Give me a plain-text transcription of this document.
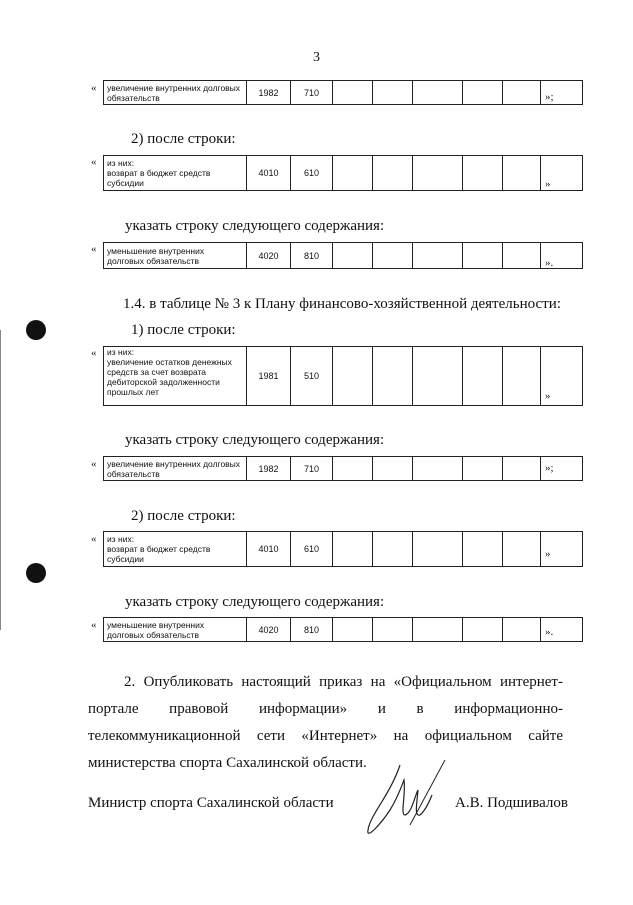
3
« увеличение внутренних долговых обязательств	1982	710							»;
2) после строки:
« из них:
возврат в бюджет средств субсидии	4010	610						
»
указать строку следующего содержания:
« уменьшение внутренних долговых обязательств	4020	810						
».
1.4. в таблице № 3 к Плану финансово-хозяйственной деятельности:
1) после строки:
« из них:
увеличение остатков денежных средств за счет возврата дебиторской задолженности прошлых лет	1981	510						
»
указать строку следующего содержания:
« увеличение внутренних долговых обязательств	1982	710							»;
2) после строки:
« из них:
возврат в бюджет средств субсидии	4010	610							»
указать строку следующего содержания:
« уменьшение внутренних долговых обязательств	4020	810							».
2. Опубликовать настоящий приказ на «Официальном интернет-портале правовой информации» и в информационно-телекоммуникационной сети «Интернет» на официальном сайте министерства спорта Сахалинской области.
Министр спорта Сахалинской области	А.В. Подшивалов
